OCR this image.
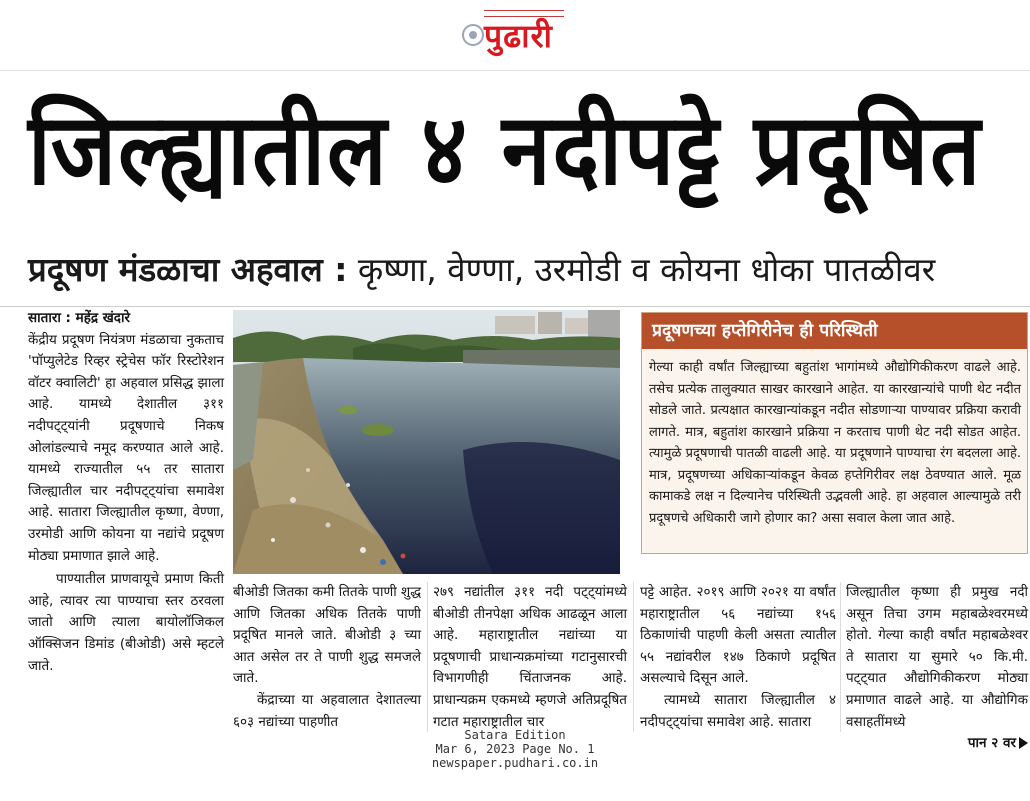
पुढारी
जिल्ह्यातील ४ नदीपट्टे प्रदूषित
प्रदूषण मंडळाचा अहवाल : कृष्णा, वेण्णा, उरमोडी व कोयना धोका पातळीवर

सातारा : महेंद्र खंदारे

केंद्रीय प्रदूषण नियंत्रण मंडळाचा नुकताच 'पॉप्युलेटेड रिव्हर स्ट्रेचेस फॉर रिस्टोरेशन वॉटर क्वालिटी' हा अहवाल प्रसिद्ध झाला आहे. यामध्ये देशातील ३११ नदीपट्ट्यांनी प्रदूषणाचे निकष ओलांडल्याचे नमूद करण्यात आले आहे. यामध्ये राज्यातील ५५ तर सातारा जिल्ह्यातील चार नदीपट्ट्यांचा समावेश आहे. सातारा जिल्ह्यातील कृष्णा, वेण्णा, उरमोडी आणि कोयना या नद्यांचे प्रदूषण मोठ्या प्रमाणात झाले आहे.

पाण्यातील प्राणवायूचे प्रमाण किती आहे, त्यावर त्या पाण्याचा स्तर ठरवला जातो आणि त्याला बायोलॉजिकल ऑक्सिजन डिमांड (बीओडी) असे म्हटले जाते.

प्रदूषणच्या हप्तेगिरीनेच ही परिस्थिती
गेल्या काही वर्षांत जिल्ह्याच्या बहुतांश भागांमध्ये औद्योगिकीकरण वाढले आहे. तसेच प्रत्येक तालुक्यात साखर कारखाने आहेत. या कारखान्यांचे पाणी थेट नदीत सोडले जाते. प्रत्यक्षात कारखान्यांकडून नदीत सोडणाऱ्या पाण्यावर प्रक्रिया करावी लागते. मात्र, बहुतांश कारखाने प्रक्रिया न करताच पाणी थेट नदी सोडत आहेत. त्यामुळे प्रदूषणाची पातळी वाढली आहे. या प्रदूषणाने पाण्याचा रंग बदलला आहे. मात्र, प्रदूषणच्या अधिकाऱ्यांकडून केवळ हप्तेगिरीवर लक्ष ठेवण्यात आले. मूळ कामाकडे लक्ष न दिल्यानेच परिस्थिती उद्भवली आहे. हा अहवाल आल्यामुळे तरी प्रदूषणचे अधिकारी जागे होणार का? असा सवाल केला जात आहे.

बीओडी जितका कमी तितके पाणी शुद्ध आणि जितका अधिक तितके पाणी प्रदूषित मानले जाते. बीओडी ३ च्या आत असेल तर ते पाणी शुद्ध समजले जाते.

केंद्राच्या या अहवालात देशातल्या ६०३ नद्यांच्या पाहणीत

२७९ नद्यांतील ३११ नदी पट्ट्यांमध्ये बीओडी तीनपेक्षा अधिक आढळून आला आहे. महाराष्ट्रातील नद्यांच्या या प्रदूषणाची प्राधान्यक्रमांच्या गटानुसारची विभागणीही चिंताजनक आहे. प्राधान्यक्रम एकमध्ये म्हणजे अतिप्रदूषित गटात महाराष्ट्रातील चार

पट्टे आहेत. २०१९ आणि २०२१ या वर्षांत महाराष्ट्रातील ५६ नद्यांच्या १५६ ठिकाणांची पाहणी केली असता त्यातील ५५ नद्यांवरील १४७ ठिकाणे प्रदूषित असल्याचे दिसून आले.

त्यामध्ये सातारा जिल्ह्यातील ४ नदीपट्ट्यांचा समावेश आहे. सातारा

जिल्ह्यातील कृष्णा ही प्रमुख नदी असून तिचा उगम महाबळेश्वरमध्ये होतो. गेल्या काही वर्षांत महाबळेश्वर ते सातारा या सुमारे ५० कि.मी. पट्ट्यात औद्योगिकीकरण मोठ्या प्रमाणात वाढले आहे. या औद्योगिक वसाहतींमध्ये

पान २ वर

Satara Edition
Mar 6, 2023 Page No. 1
newspaper.pudhari.co.in
